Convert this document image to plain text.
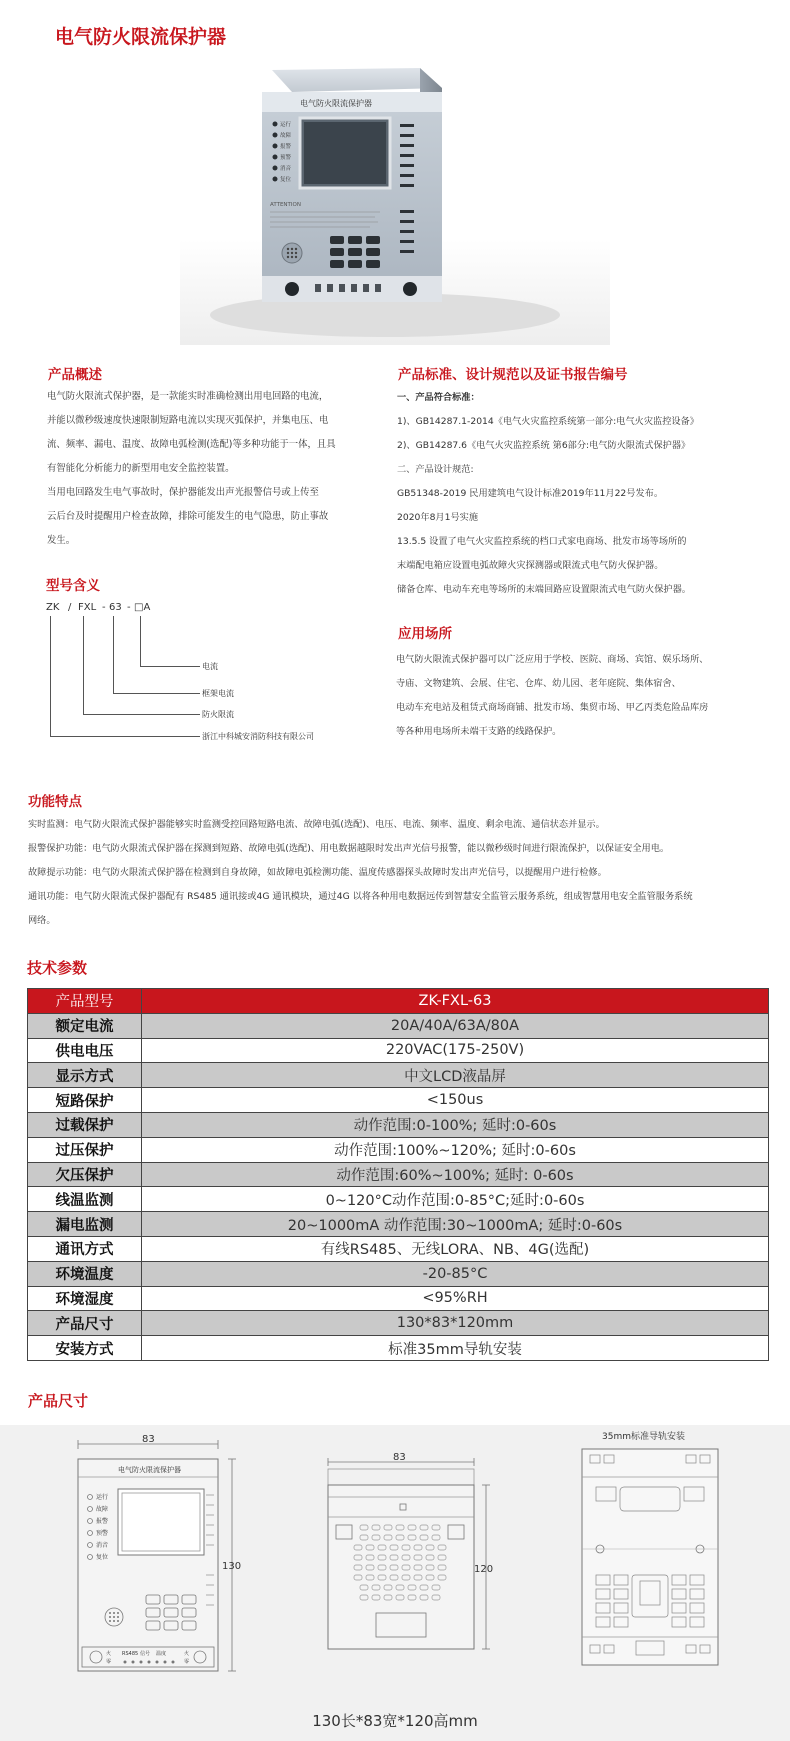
电气防火限流保护器
电气防火限流保护器
运行
故障
报警
预警
消音
复位
ATTENTION
产品概述

电气防火限流式保护器，是一款能实时准确检测出用电回路的电流，

并能以微秒级速度快速限制短路电流以实现灭弧保护，并集电压、电

流、频率、漏电、温度、故障电弧检测(选配)等多种功能于一体，且具

有智能化分析能力的新型用电安全监控装置。

当用电回路发生电气事故时，保护器能发出声光报警信号或上传至

云后台及时提醒用户检查故障，排除可能发生的电气隐患，防止事故

发生。

型号含义
ZK / FXL - 63 - □A
电流
框架电流
防火限流
浙江中科城安消防科技有限公司
产品标准、设计规范以及证书报告编号

一、产品符合标准：

1)、GB14287.1-2014《电气火灾监控系统第一部分:电气火灾监控设备》

2)、GB14287.6《电气火灾监控系统 第6部分:电气防火限流式保护器》

二、产品设计规范:

GB51348-2019 民用建筑电气设计标准2019年11月22号发布。

2020年8月1号实施

13.5.5 设置了电气火灾监控系统的档口式家电商场、批发市场等场所的

末端配电箱应设置电弧故障火灾探测器或限流式电气防火保护器。

储备仓库、电动车充电等场所的末端回路应设置限流式电气防火保护器。

应用场所

电气防火限流式保护器可以广泛应用于学校、医院、商场、宾馆、娱乐场所、

寺庙、文物建筑、会展、住宅、仓库、幼儿园、老年庭院、集体宿舍、

电动车充电站及租赁式商场商铺、批发市场、集贸市场、甲乙丙类危险品库房

等各种用电场所未端干支路的线路保护。

功能特点

实时监测：电气防火限流式保护器能够实时监测受控回路短路电流、故障电弧(选配)、电压、电流、频率、温度、剩余电流、通信状态并显示。

报警保护功能：电气防火限流式保护器在探测到短路、故障电弧(选配)、用电数据越限时发出声光信号报警，能以微秒级时间进行限流保护，以保证安全用电。

故障提示功能：电气防火限流式保护器在检测到自身故障，如故障电弧检测功能、温度传感器探头故障时发出声光信号，以提醒用户进行检修。

通讯功能：电气防火限流式保护器配有 RS485 通讯接或4G 通讯模块，通过4G 以将各种用电数据远传到智慧安全监管云服务系统，组成智慧用电安全监管服务系统

网络。

技术参数
产品型号	ZK-FXL-63
额定电流	20A/40A/63A/80A
供电电压	220VAC(175-250V)
显示方式	中文LCD液晶屏
短路保护	<150us
过载保护	动作范围:0-100%; 延时:0-60s
过压保护	动作范围:100%~120%; 延时:0-60s
欠压保护	动作范围:60%~100%; 延时: 0-60s
线温监测	0~120°C动作范围:0-85°C;延时:0-60s
漏电监测	20~1000mA 动作范围:30~1000mA; 延时:0-60s
通讯方式	有线RS485、无线LORA、NB、4G(选配)
环境温度	-20-85°C
环境湿度	<95%RH
产品尺寸	130*83*120mm
安装方式	标准35mm导轨安装
产品尺寸
83
电气防火限流保护器
运行
故障
报警
预警
消音
复位
火
零
RS485 信号 温度	火
零
130
83
120
35mm标准导轨安装
130长*83宽*120高mm
